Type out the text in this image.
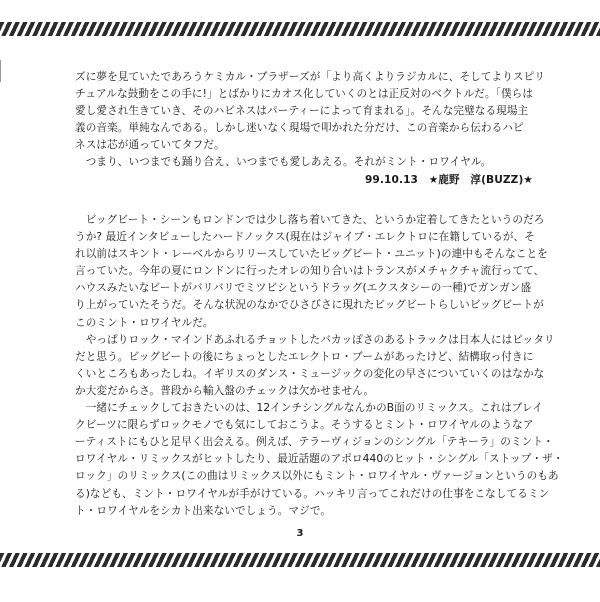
ズに夢を見ていたであろうケミカル・ブラザーズが「より高くよりラジカルに、そしてよりスピリ

チュアルな鼓動をこの手に!」とばかりにカオス化していくのとは正反対のベクトルだ。「僕らは

愛し愛され生きていき、そのハピネスはパーティーによって育まれる」。そんな完璧なる現場主

義の音楽。単純なんである。しかし迷いなく現場で叩かれた分だけ、この音楽から伝わるハピ

ネスは芯が通っていてタフだ。

　つまり、いつまでも踊り合え、いつまでも愛しあえる。それがミント・ロワイヤル。

99.10.13　★鹿野　淳(BUZZ)★

　ビッグビート・シーンもロンドンでは少し落ち着いてきた、というか定着してきたというのだろ

うか? 最近インタビューしたハードノックス(現在はジャイブ・エレクトロに在籍しているが、そ

れ以前はスキント・レーベルからリリースしていたビッグビート・ユニット)の連中もそんなことを

言っていた。今年の夏にロンドンに行ったオレの知り合いはトランスがメチャクチャ流行ってて、

ハウスみたいなビートがバリバリでミツビシというドラッグ(エクスタシーの一種)でガンガン盛

り上がっていたそうだ。そんな状況のなかでひさびさに現れたビッグビートらしいビッグビートが

このミント・ロワイヤルだ。

　やっぱりロック・マインドあふれるチョットしたバカッぽさのあるトラックは日本人にはピッタリ

だと思う。ビッグビートの後にちょっとしたエレクトロ・ブームがあったけど、結構取っ付きに

くいところもあったしね。イギリスのダンス・ミュージックの変化の早さについていくのはなかな

か大変だからさ。普段から輸入盤のチェックは欠かせません。

　一緒にチェックしておきたいのは、12インチシングルなんかのB面のリミックス。これはブレイ

クビーツに限らずロックモノでも気にしておこうよ。そうするとミント・ロワイヤルのようなア

ーティストにもひと足早く出会える。例えば、テラーヴィジョンのシングル「テキーラ」のミント・

ロワイヤル・リミックスがヒットしたり、最近話題のアポロ440のヒット・シングル「ストップ・ザ・

ロック」のリミックス(この曲はリミックス以外にもミント・ロワイヤル・ヴァージョンというのもあ

る)なども、ミント・ロワイヤルが手がけている。ハッキリ言ってこれだけの仕事をこなしてるミン

ト・ロワイヤルをシカト出来ないでしょう。マジで。

3
